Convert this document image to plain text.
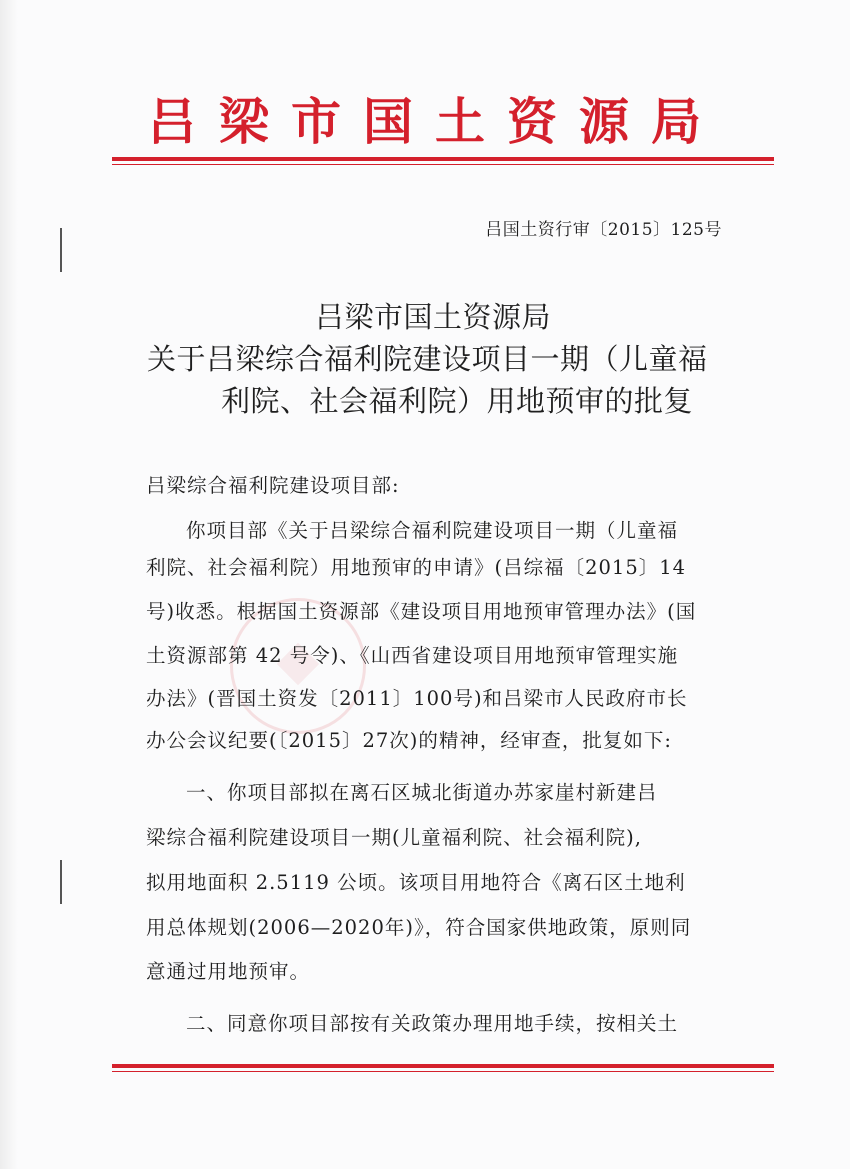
吕梁市国土资源局
吕国土资行审〔2015〕125号
吕梁市国土资源局
关于吕梁综合福利院建设项目一期（儿童福
利院、社会福利院）用地预审的批复
吕梁综合福利院建设项目部:
你项目部《关于吕梁综合福利院建设项目一期（儿童福
利院、社会福利院）用地预审的申请》(吕综福〔2015〕14
号)收悉。根据国土资源部《建设项目用地预审管理办法》(国
土资源部第 42 号令)、《山西省建设项目用地预审管理实施
办法》(晋国土资发〔2011〕100号)和吕梁市人民政府市长
办公会议纪要(〔2015〕27次)的精神，经审查，批复如下:
一、你项目部拟在离石区城北街道办苏家崖村新建吕
梁综合福利院建设项目一期(儿童福利院、社会福利院),
拟用地面积 2.5119 公顷。该项目用地符合《离石区土地利
用总体规划(2006—2020年)》，符合国家供地政策，原则同
意通过用地预审。
二、同意你项目部按有关政策办理用地手续，按相关土
